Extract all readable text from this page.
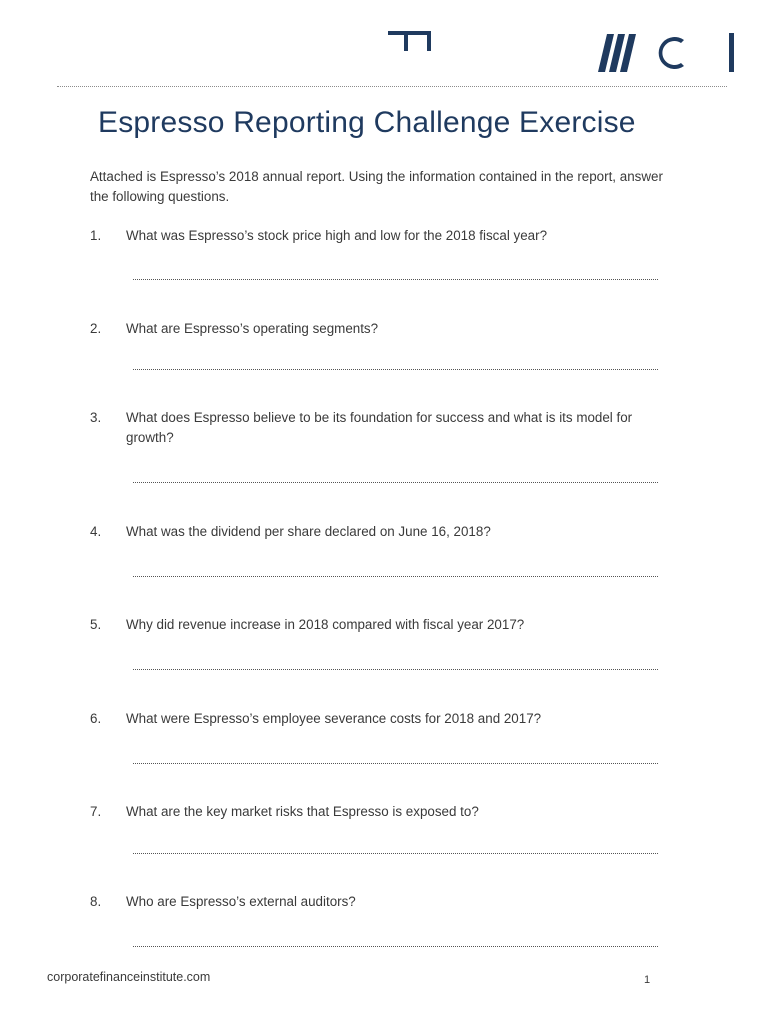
Espresso Reporting Challenge Exercise

Attached is Espresso’s 2018 annual report. Using the information contained in the report, answer the following questions.

1. What was Espresso’s stock price high and low for the 2018 fiscal year?
2. What are Espresso’s operating segments?
3. What does Espresso believe to be its foundation for success and what is its model for growth?
4. What was the dividend per share declared on June 16, 2018?
5. Why did revenue increase in 2018 compared with fiscal year 2017?
6. What were Espresso’s employee severance costs for 2018 and 2017?
7. What are the key market risks that Espresso is exposed to?
8. Who are Espresso’s external auditors?
corporatefinanceinstitute.com	1
